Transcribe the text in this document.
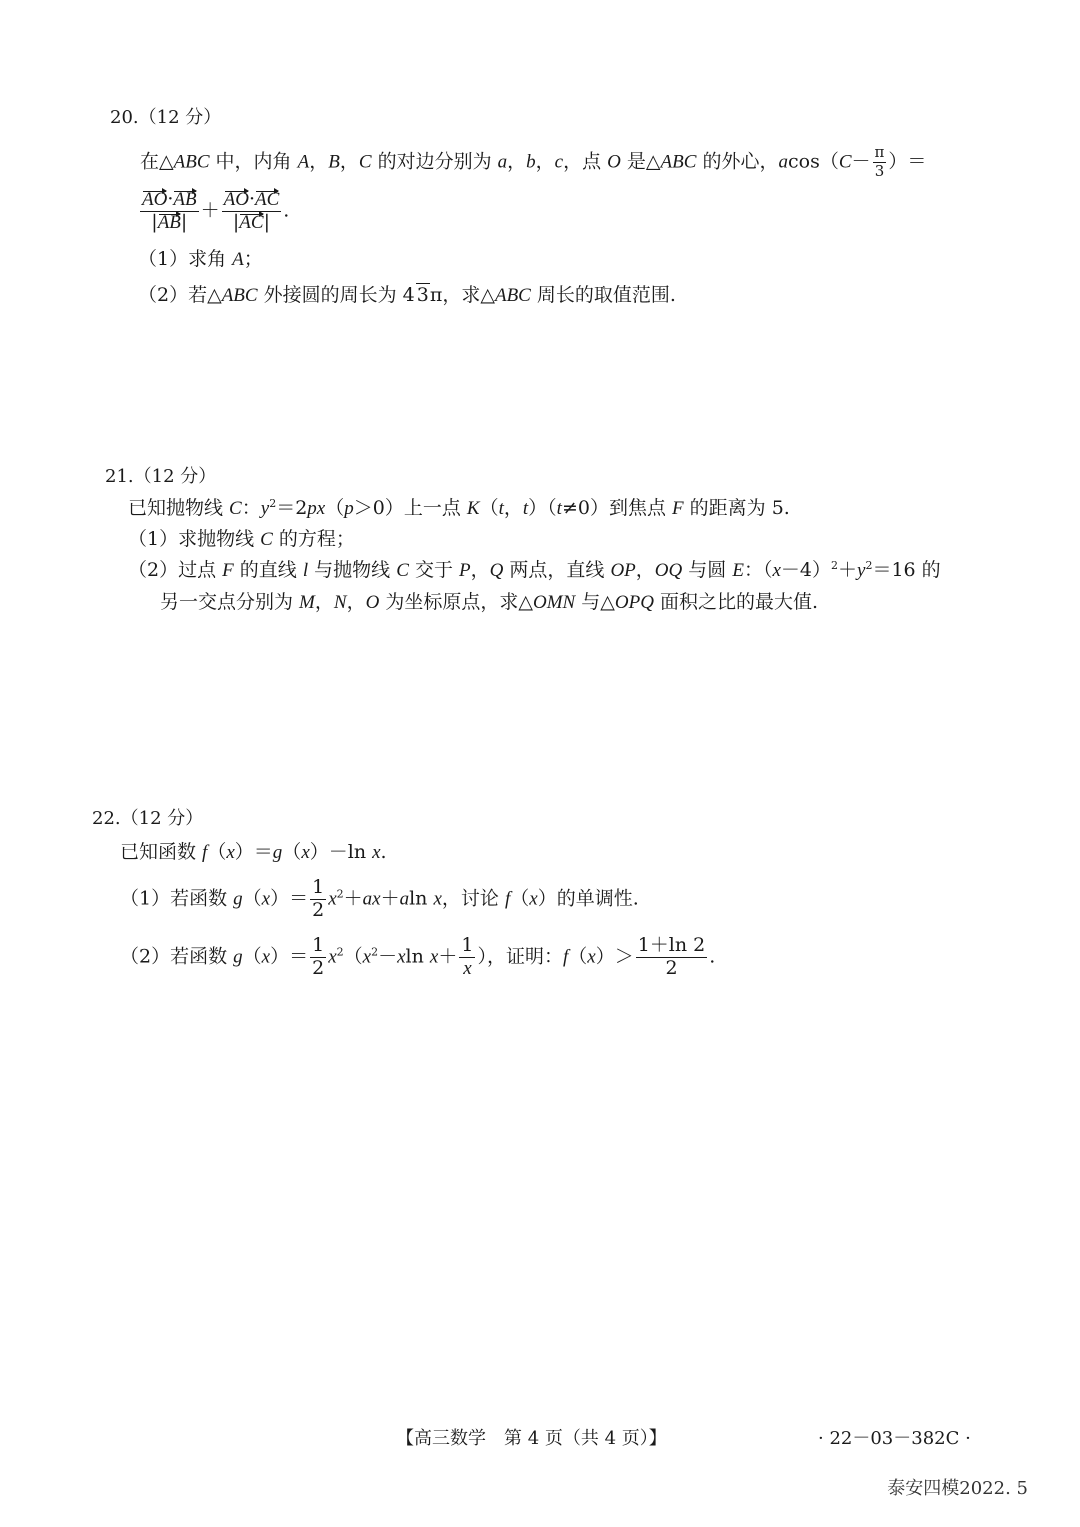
20.（12 分）
在△ABC 中，内角 A，B，C 的对边分别为 a，b，c，点 O 是△ABC 的外心，$acos(C- \frac{\pi}{3}$ ）＝
$\frac{AO\cdot AB}{|AB|} + \frac{AO\cdot AC}{|AC|}$ .
（1）求角 A；
（2）若△ABC 外接圆的周长为 4 3π，求△ABC 周长的取值范围.
21.（12 分）
已知抛物线 C：$y^2=2px(p>0)$上一点 K（t，t）（t≠0）到焦点 F 的距离为 5.
（1）求抛物线 C 的方程；
（2）过点 F 的直线 l 与抛物线 C 交于 P，Q 两点，直线 OP，OQ 与圆 E：$(x-4)^2+y^2=16$ 的
另一交点分别为 M，N，O 为坐标原点，求△OMN 与△OPQ 面积之比的最大值.
22.（12 分）
已知函数 f（x）＝g（x）－ln x.
（1）若函数 $g(x)= \frac{1}{2} x^2+ax+aln$ x，讨论 f（x）的单调性.
（2）若函数 $g(x)= \frac{1}{2} x^2(x^2-xln$ $x+ \frac{1}{x}$ ），证明：$f(x)> \frac{1+\ln 2}{2}$ .
【高三数学　第 4 页（共 4 页）】	· 22－03－382C ·
泰安四模2022. 5
